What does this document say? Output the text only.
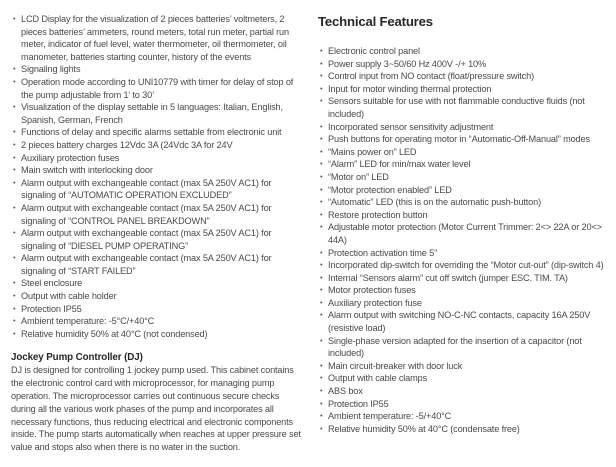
• LCD Display for the visualization of 2 pieces batteries’ voltmeters, 2 pieces batteries’ ammeters, round meters, total run meter, partial run meter, indicator of fuel level, water thermometer, oil thermometer, oil manometer, batteries starting counter, history of the events
• Signaling lights
• Operation mode according to UNI10779 with timer for delay of stop of the pump adjustable from 1’ to 30’
• Visualization of the display settable in 5 languages: Italian, English, Spanish, German, French
• Functions of delay and specific alarms settable from electronic unit
• 2 pieces battery charges 12Vdc 3A (24Vdc 3A for 24V
• Auxiliary protection fuses
• Main switch with interlocking door
• Alarm output with exchangeable contact (max 5A 250V AC1) for signaling of “AUTOMATIC OPERATION EXCLUDED”
• Alarm output with exchangeable contact (max 5A 250V AC1) for signaling of “CONTROL PANEL BREAKDOWN”
• Alarm output with exchangeable contact (max 5A 250V AC1) for signaling of “DIESEL PUMP OPERATING”
• Alarm output with exchangeable contact (max 5A 250V AC1) for signaling of “START FAILED”
• Steel enclosure
• Output with cable holder
• Protection IP55
• Ambient temperature: -5°C/+40°C
• Relative humidity 50% at 40°C (not condensed)
Jockey Pump Controller (DJ)

DJ is designed for controlling 1 jockey pump used. This cabinet contains the electronic control card with microprocessor, for managing pump operation. The microprocessor carries out continuous secure checks during all the various work phases of the pump and incorporates all necessary functions, thus reducing electrical and electronic components inside. The pump starts automatically when reaches at upper pressure set value and stops also when there is no water in the suction.

Technical Features
• Electronic control panel
• Power supply 3~50/60 Hz 400V -/+ 10%
• Control input from NO contact (float/pressure switch)
• Input for motor winding thermal protection
• Sensors suitable for use with not flammable conductive fluids (not included)
• Incorporated sensor sensitivity adjustment
• Push buttons for operating motor in “Automatic-Off-Manual” modes
• “Mains power on” LED
• “Alarm” LED for min/max water level
• “Motor on” LED
• “Motor protection enabled” LED
• “Automatic” LED (this is on the automatic push-button)
• Restore protection button
• Adjustable motor protection (Motor Current Trimmer: 2<> 22A or 20<> 44A)
• Protection activation time 5”
• Incorporated dip-switch for overriding the “Motor cut-out” (dip-switch 4)
• Internal “Sensors alarm” cut off switch (jumper ESC. TIM. TA)
• Motor protection fuses
• Auxiliary protection fuse
• Alarm output with switching NO-C-NC contacts, capacity 16A 250V (resistive load)
• Single-phase version adapted for the insertion of a capacitor (not included)
• Main circuit-breaker with door luck
• Output with cable clamps
• ABS box
• Protection IP55
• Ambient temperature: -5/+40°C
• Relative humidity 50% at 40°C (condensate free)
